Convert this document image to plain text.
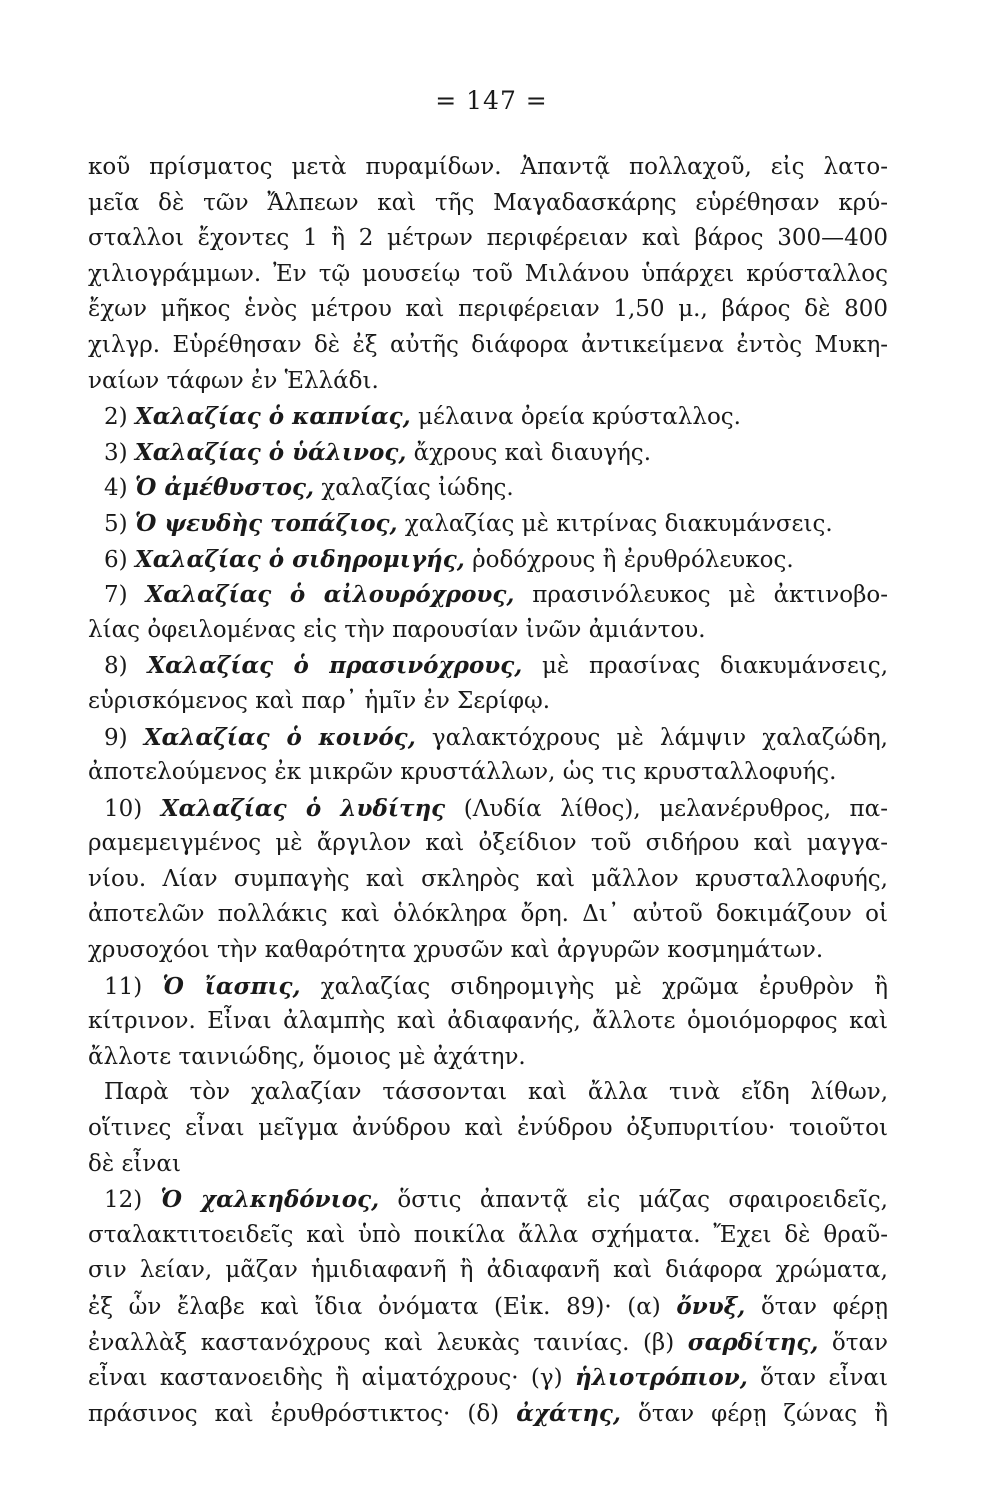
= 147 =
κοῦ πρίσματος μετὰ πυραμίδων. Ἀπαντᾷ πολλαχοῦ, εἰς λατο-
μεῖα δὲ τῶν Ἄλπεων καὶ τῆς Μαγαδασκάρης εὑρέθησαν κρύ-
σταλλοι ἔχοντες 1 ἢ 2 μέτρων περιφέρειαν καὶ βάρος 300—400
χιλιογράμμων. Ἐν τῷ μουσείῳ τοῦ Μιλάνου ὑπάρχει κρύσταλλος
ἔχων μῆκος ἑνὸς μέτρου καὶ περιφέρειαν 1,50 μ., βάρος δὲ 800
χιλγρ. Εὑρέθησαν δὲ ἐξ αὐτῆς διάφορα ἀντικείμενα ἐντὸς Μυκη-
ναίων τάφων ἐν Ἑλλάδι.
2) Χαλαζίας ὁ καπνίας, μέλαινα ὀρεία κρύσταλλος.
3) Χαλαζίας ὁ ὑάλινος, ἄχρους καὶ διαυγής.
4) Ὁ ἀμέθυστος, χαλαζίας ἰώδης.
5) Ὁ ψευδὴς τοπάζιος, χαλαζίας μὲ κιτρίνας διακυμάνσεις.
6) Χαλαζίας ὁ σιδηρομιγής, ῥοδόχρους ἢ ἐρυθρόλευκος.
7) Χαλαζίας ὁ αἰλουρόχρους, πρασινόλευκος μὲ ἀκτινοβο-
λίας ὀφειλομένας εἰς τὴν παρουσίαν ἰνῶν ἀμιάντου.
8) Χαλαζίας ὁ πρασινόχρους, μὲ πρασίνας διακυμάνσεις,
εὑρισκόμενος καὶ παρ᾽ ἡμῖν ἐν Σερίφῳ.
9) Χαλαζίας ὁ κοινός, γαλακτόχρους μὲ λάμψιν χαλαζώδη,
ἀποτελούμενος ἐκ μικρῶν κρυστάλλων, ὡς τις κρυσταλλοφυής.
10) Χαλαζίας ὁ λυδίτης (Λυδία λίθος), μελανέρυθρος, πα-
ραμεμειγμένος μὲ ἄργιλον καὶ ὀξείδιον τοῦ σιδήρου καὶ μαγγα-
νίου. Λίαν συμπαγὴς καὶ σκληρὸς καὶ μᾶλλον κρυσταλλοφυής,
ἀποτελῶν πολλάκις καὶ ὁλόκληρα ὄρη. Δι᾽ αὐτοῦ δοκιμάζουν οἱ
χρυσοχόοι τὴν καθαρότητα χρυσῶν καὶ ἀργυρῶν κοσμημάτων.
11) Ὁ ἴασπις, χαλαζίας σιδηρομιγὴς μὲ χρῶμα ἐρυθρὸν ἢ
κίτρινον. Εἶναι ἀλαμπὴς καὶ ἀδιαφανής, ἄλλοτε ὁμοιόμορφος καὶ
ἄλλοτε ταινιώδης, ὅμοιος μὲ ἀχάτην.
Παρὰ τὸν χαλαζίαν τάσσονται καὶ ἄλλα τινὰ εἴδη λίθων,
οἵτινες εἶναι μεῖγμα ἀνύδρου καὶ ἐνύδρου ὀξυπυριτίου· τοιοῦτοι
δὲ εἶναι
12) Ὁ χαλκηδόνιος, ὅστις ἀπαντᾷ εἰς μάζας σφαιροειδεῖς,
σταλακτιτοειδεῖς καὶ ὑπὸ ποικίλα ἄλλα σχήματα. Ἔχει δὲ θραῦ-
σιν λείαν, μᾶζαν ἡμιδιαφανῆ ἢ ἀδιαφανῆ καὶ διάφορα χρώματα,
ἐξ ὧν ἔλαβε καὶ ἴδια ὀνόματα (Εἰκ. 89)· (α) ὄνυξ, ὅταν φέρῃ
ἐναλλὰξ καστανόχρους καὶ λευκὰς ταινίας. (β) σαρδίτης, ὅταν
εἶναι καστανοειδὴς ἢ αἱματόχρους· (γ) ἡλιοτρόπιον, ὅταν εἶναι
πράσινος καὶ ἐρυθρόστικτος· (δ) ἀχάτης, ὅταν φέρῃ ζώνας ἢ
